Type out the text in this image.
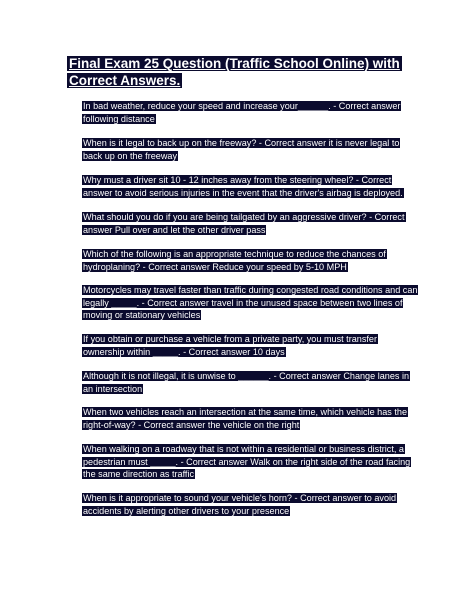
Final Exam 25 Question (Traffic School Online) with Correct Answers.

In bad weather, reduce your speed and increase your______. - Correct answer following distance

When is it legal to back up on the freeway? - Correct answer it is never legal to back up on the freeway

Why must a driver sit 10 - 12 inches away from the steering wheel? - Correct answer to avoid serious injuries in the event that the driver's airbag is deployed.

What should you do if you are being tailgated by an aggressive driver? - Correct answer Pull over and let the other driver pass

Which of the following is an appropriate technique to reduce the chances of hydroplaning? - Correct answer Reduce your speed by 5-10 MPH

Motorcycles may travel faster than traffic during congested road conditions and can legally _____. - Correct answer travel in the unused space between two lines of moving or stationary vehicles

If you obtain or purchase a vehicle from a private party, you must transfer ownership within _____. - Correct answer 10 days

Although it is not illegal, it is unwise to ______. - Correct answer Change lanes in an intersection

When two vehicles reach an intersection at the same time, which vehicle has the right-of-way? - Correct answer the vehicle on the right

When walking on a roadway that is not within a residential or business district, a pedestrian must _____. - Correct answer Walk on the right side of the road facing the same direction as traffic

When is it appropriate to sound your vehicle's horn? - Correct answer to avoid accidents by alerting other drivers to your presence
